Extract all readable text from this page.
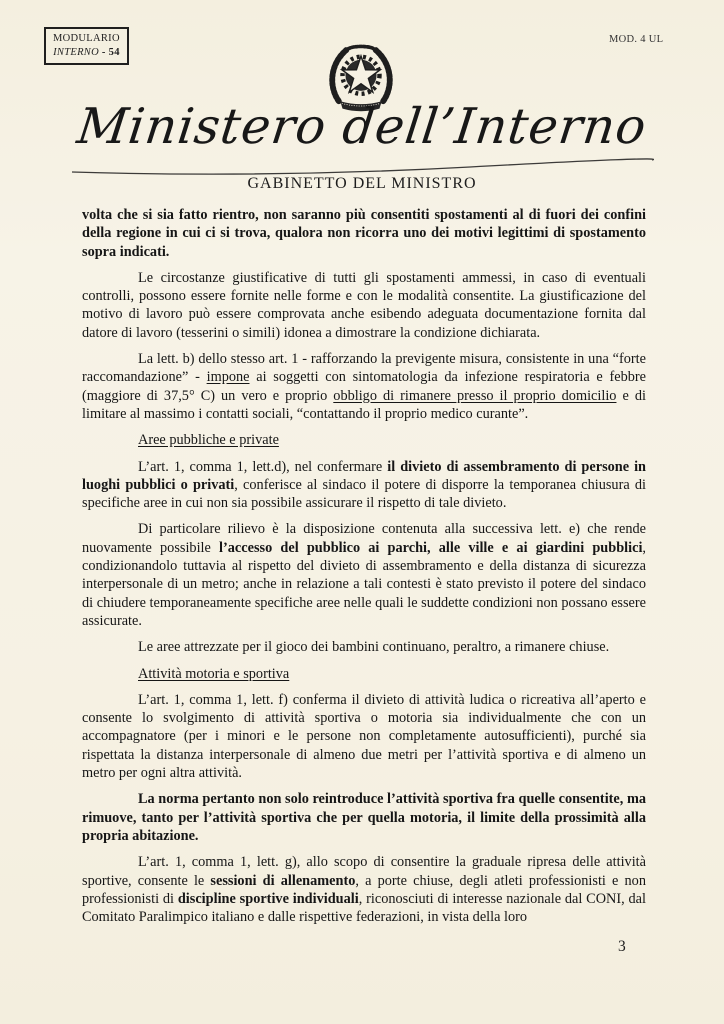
MODULARIO
INTERNO - 54
MOD. 4 UL
Ministero dell’Interno
GABINETTO DEL MINISTRO
volta che si sia fatto rientro, non saranno più consentiti spostamenti al di fuori dei confini della regione in cui ci si trova, qualora non ricorra uno dei motivi legittimi di spostamento sopra indicati.
Le circostanze giustificative di tutti gli spostamenti ammessi, in caso di eventuali controlli, possono essere fornite nelle forme e con le modalità consentite. La giustificazione del motivo di lavoro può essere comprovata anche esibendo adeguata documentazione fornita dal datore di lavoro (tesserini o simili) idonea a dimostrare la condizione dichiarata.
La lett. b) dello stesso art. 1 - rafforzando la previgente misura, consistente in una “forte raccomandazione” - impone ai soggetti con sintomatologia da infezione respiratoria e febbre (maggiore di 37,5° C) un vero e proprio obbligo di rimanere presso il proprio domicilio e di limitare al massimo i contatti sociali, “contattando il proprio medico curante”.
Aree pubbliche e private
L’art. 1, comma 1, lett.d), nel confermare il divieto di assembramento di persone in luoghi pubblici o privati, conferisce al sindaco il potere di disporre la temporanea chiusura di specifiche aree in cui non sia possibile assicurare il rispetto di tale divieto.
Di particolare rilievo è la disposizione contenuta alla successiva lett. e) che rende nuovamente possibile l’accesso del pubblico ai parchi, alle ville e ai giardini pubblici, condizionandolo tuttavia al rispetto del divieto di assembramento e della distanza di sicurezza interpersonale di un metro; anche in relazione a tali contesti è stato previsto il potere del sindaco di chiudere temporaneamente specifiche aree nelle quali le suddette condizioni non possano essere assicurate.
Le aree attrezzate per il gioco dei bambini continuano, peraltro, a rimanere chiuse.
Attività motoria e sportiva
L’art. 1, comma 1, lett. f) conferma il divieto di attività ludica o ricreativa all’aperto e consente lo svolgimento di attività sportiva o motoria sia individualmente che con un accompagnatore (per i minori e le persone non completamente autosufficienti), purché sia rispettata la distanza interpersonale di almeno due metri per l’attività sportiva e di almeno un metro per ogni altra attività.
La norma pertanto non solo reintroduce l’attività sportiva fra quelle consentite, ma rimuove, tanto per l’attività sportiva che per quella motoria, il limite della prossimità alla propria abitazione.
L’art. 1, comma 1, lett. g), allo scopo di consentire la graduale ripresa delle attività sportive, consente le sessioni di allenamento, a porte chiuse, degli atleti professionisti e non professionisti di discipline sportive individuali, riconosciuti di interesse nazionale dal CONI, dal Comitato Paralimpico italiano e dalle rispettive federazioni, in vista della loro
3
